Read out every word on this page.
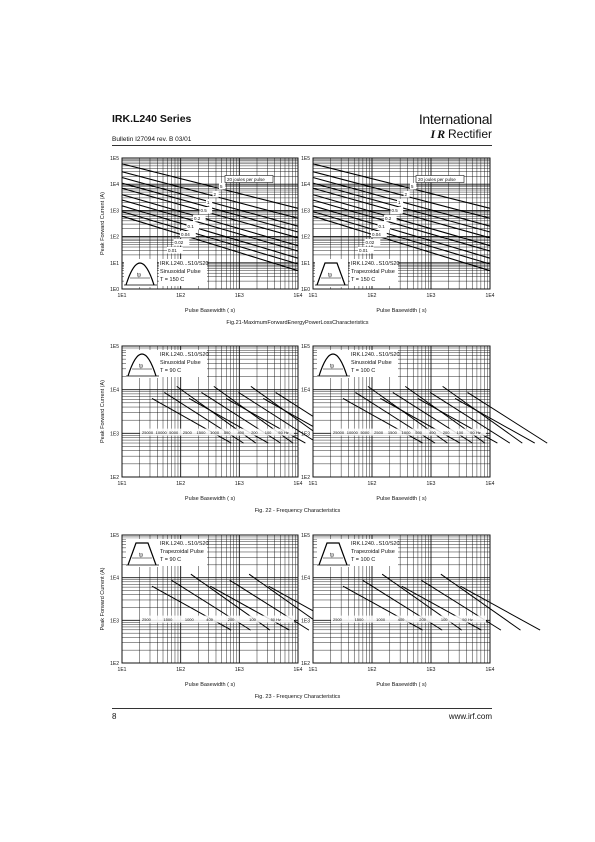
IRK.L240 Series
Bulletin I27094 rev. B 03/01
International
I R Rectifier
Peak Forward Current (A)
Fig.21-MaximumForwardEnergyPowerLossCharacteristics
5
2
1
0.5
0.2
0.1
0.04
0.02
0.01
20 joules per pulse
IRK.L240...S10/S20
Sinusoidal Pulse
T = 150 C
tp
1E0
1E1
1E2
1E3
1E4
1E5
1E1	1E2	1E3	1E4
Pulse Basewidth ( s)
5
2
1
0.5
0.2
0.1
0.04
0.02
0.01
20 joules per pulse
IRK.L240...S10/S20
Trapezoidal Pulse
T = 150 C
tp
1E0
1E1
1E2
1E3
1E4
1E5
1E1	1E2	1E3	1E4
Pulse Basewidth ( s)
Peak Forward Current (A)
Fig. 22 - Frequency Characteristics
25000 10000 5000 2500 1500 1000 500 400 200 100 50 Hz
IRK.L240...S10/S20
Sinusoidal Pulse
T = 90 C
tp
1E2
1E3
1E4
1E5
1E1	1E2	1E3	1E4
Pulse Basewidth ( s)
25000 10000 5000 2500 1500 1000 500 400 200 100 50 Hz
IRK.L240...S10/S20
Sinusoidal Pulse
T = 100 C
tp
1E2
1E3
1E4
1E5
1E1	1E2	1E3	1E4
Pulse Basewidth ( s)
Peak Forward Current (A)
Fig. 23 - Frequency Characteristics
2500	1500	1000	400	200	100	50 Hz
IRK.L240...S10/S20
Trapezoidal Pulse
T = 90 C
tp
1E2
1E3
1E4
1E5
1E1	1E2	1E3	1E4
Pulse Basewidth ( s)
2500	1500	1000	400	200	100	50 Hz
IRK.L240...S10/S20
Trapezoidal Pulse
T = 100 C
tp
1E2
1E3
1E4
1E5
1E1	1E2	1E3	1E4
Pulse Basewidth ( s)
8	www.irf.com
